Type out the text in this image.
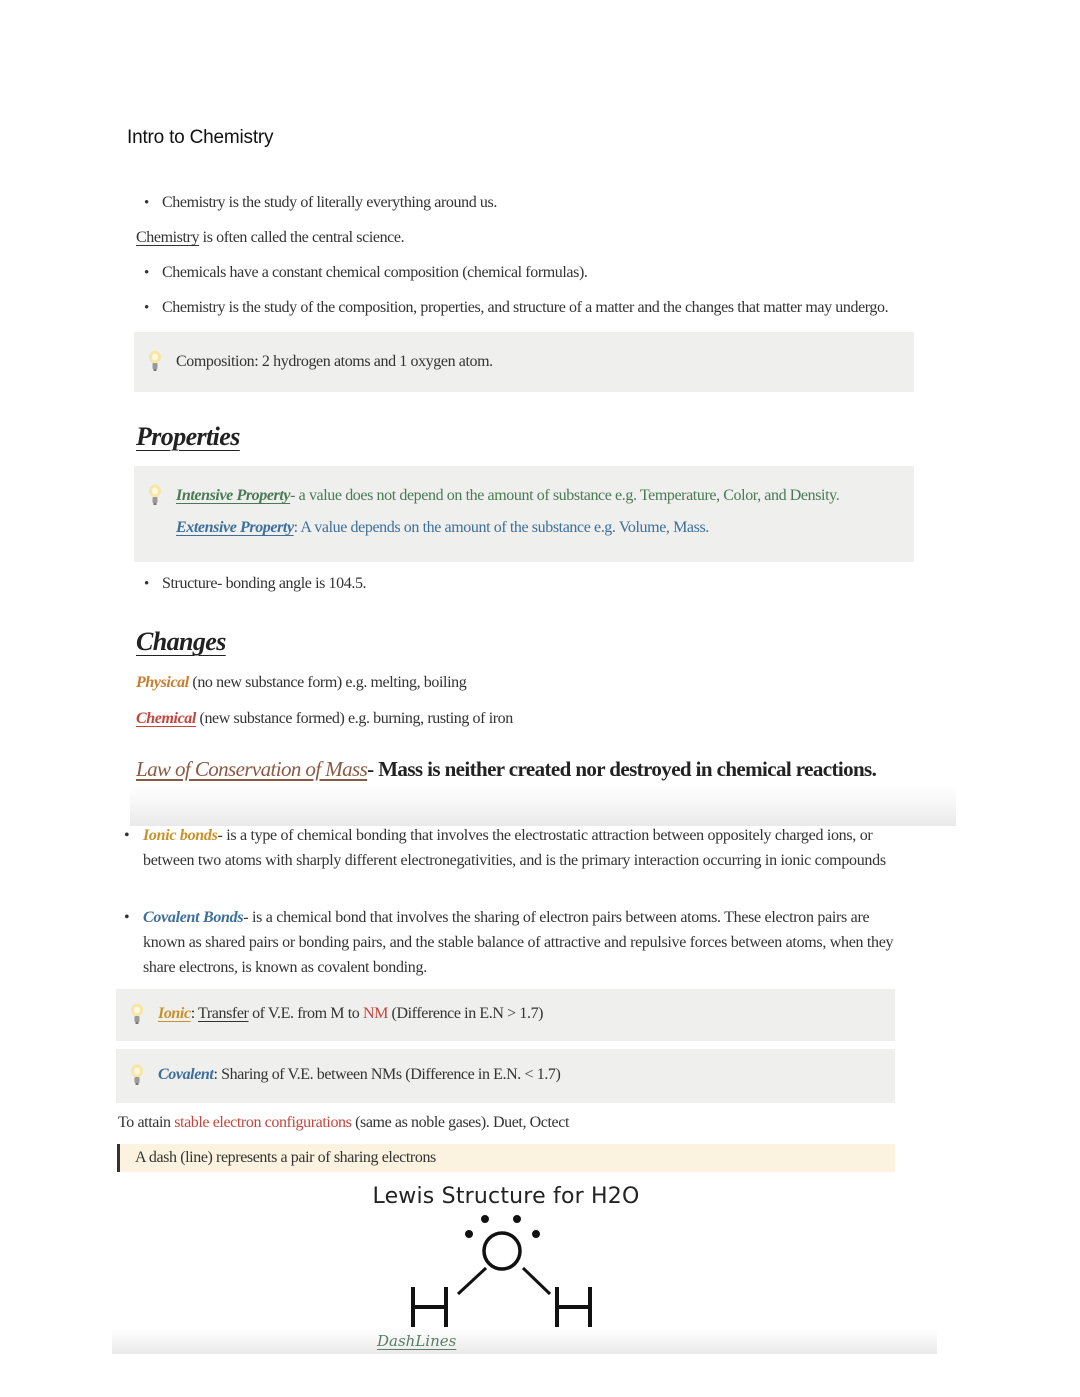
Intro to Chemistry
• Chemistry is the study of literally everything around us.
Chemistry is often called the central science.
• Chemicals have a constant chemical composition (chemical formulas).
• Chemistry is the study of the composition, properties, and structure of a matter and the changes that matter may undergo.
Composition: 2 hydrogen atoms and 1 oxygen atom.
Properties
Intensive Property- a value does not depend on the amount of substance e.g. Temperature, Color, and Density.
Extensive Property: A value depends on the amount of the substance e.g. Volume, Mass.
• Structure- bonding angle is 104.5.
Changes
Physical (no new substance form) e.g. melting, boiling
Chemical (new substance formed) e.g. burning, rusting of iron
Law of Conservation of Mass- Mass is neither created nor destroyed in chemical reactions.
• Ionic bonds- is a type of chemical bonding that involves the electrostatic attraction between oppositely charged ions, or between two atoms with sharply different electronegativities, and is the primary interaction occurring in ionic compounds
• Covalent Bonds- is a chemical bond that involves the sharing of electron pairs between atoms. These electron pairs are known as shared pairs or bonding pairs, and the stable balance of attractive and repulsive forces between atoms, when they share electrons, is known as covalent bonding.
Ionic: Transfer of V.E. from M to NM (Difference in E.N > 1.7)
Covalent: Sharing of V.E. between NMs (Difference in E.N. < 1.7)
To attain stable electron configurations (same as noble gases). Duet, Octect
A dash (line) represents a pair of sharing electrons
Lewis Structure for H2O
DashLines
